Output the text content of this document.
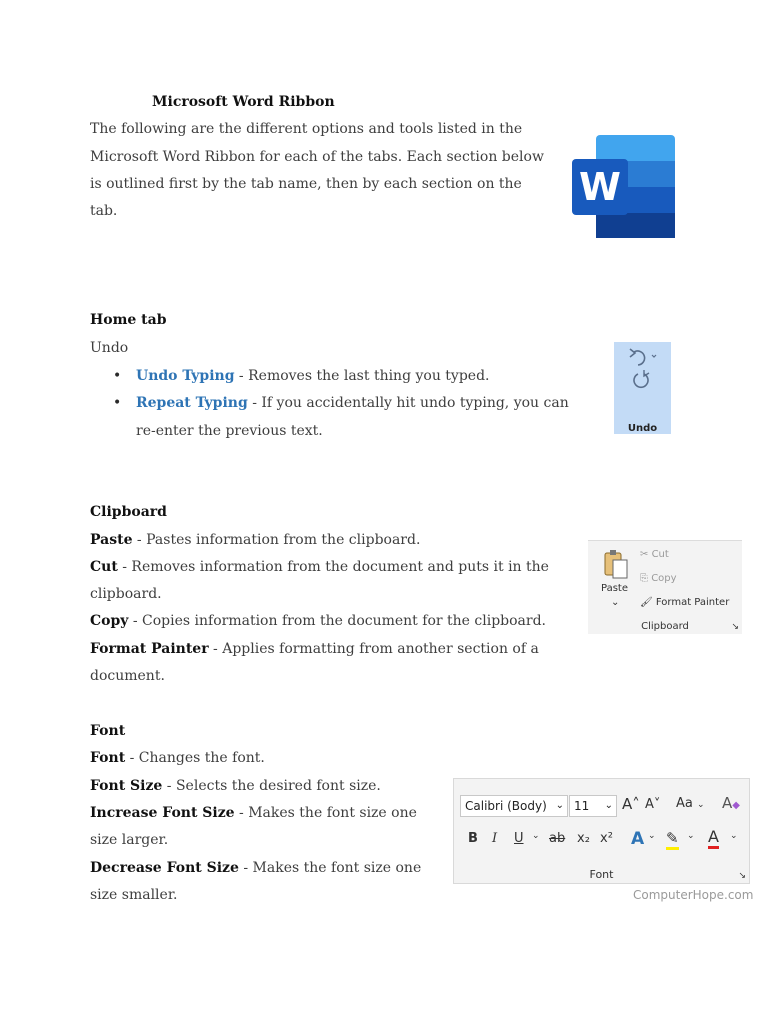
Microsoft Word Ribbon
The following are the different options and tools listed in the
Microsoft Word Ribbon for each of the tabs. Each section below
is outlined first by the tab name, then by each section on the
tab.
W
Home tab
Undo
• Undo Typing - Removes the last thing you typed.
• Repeat Typing - If you accidentally hit undo typing, you can
re-enter the previous text.	Undo
Clipboard
Paste - Pastes information from the clipboard.
Cut - Removes information from the document and puts it in the
clipboard.
Copy - Copies information from the document for the clipboard.
Format Painter - Applies formatting from another section of a
document.
Paste
⌄
✂ Cut
⎘ Copy
🖌 Format Painter
Clipboard	↘
Font
Font - Changes the font.
Font Size - Selects the desired font size.
Increase Font Size - Makes the font size one
size larger.
Decrease Font Size - Makes the font size one
size smaller.
Calibri (Body) ⌄ 11 ⌄ A˄ A˅ Aa ⌄ A◆
B I U ⌄ ab x₂ x² A ⌄ ✎ ⌄ A ⌄
Font	↘
ComputerHope.com
